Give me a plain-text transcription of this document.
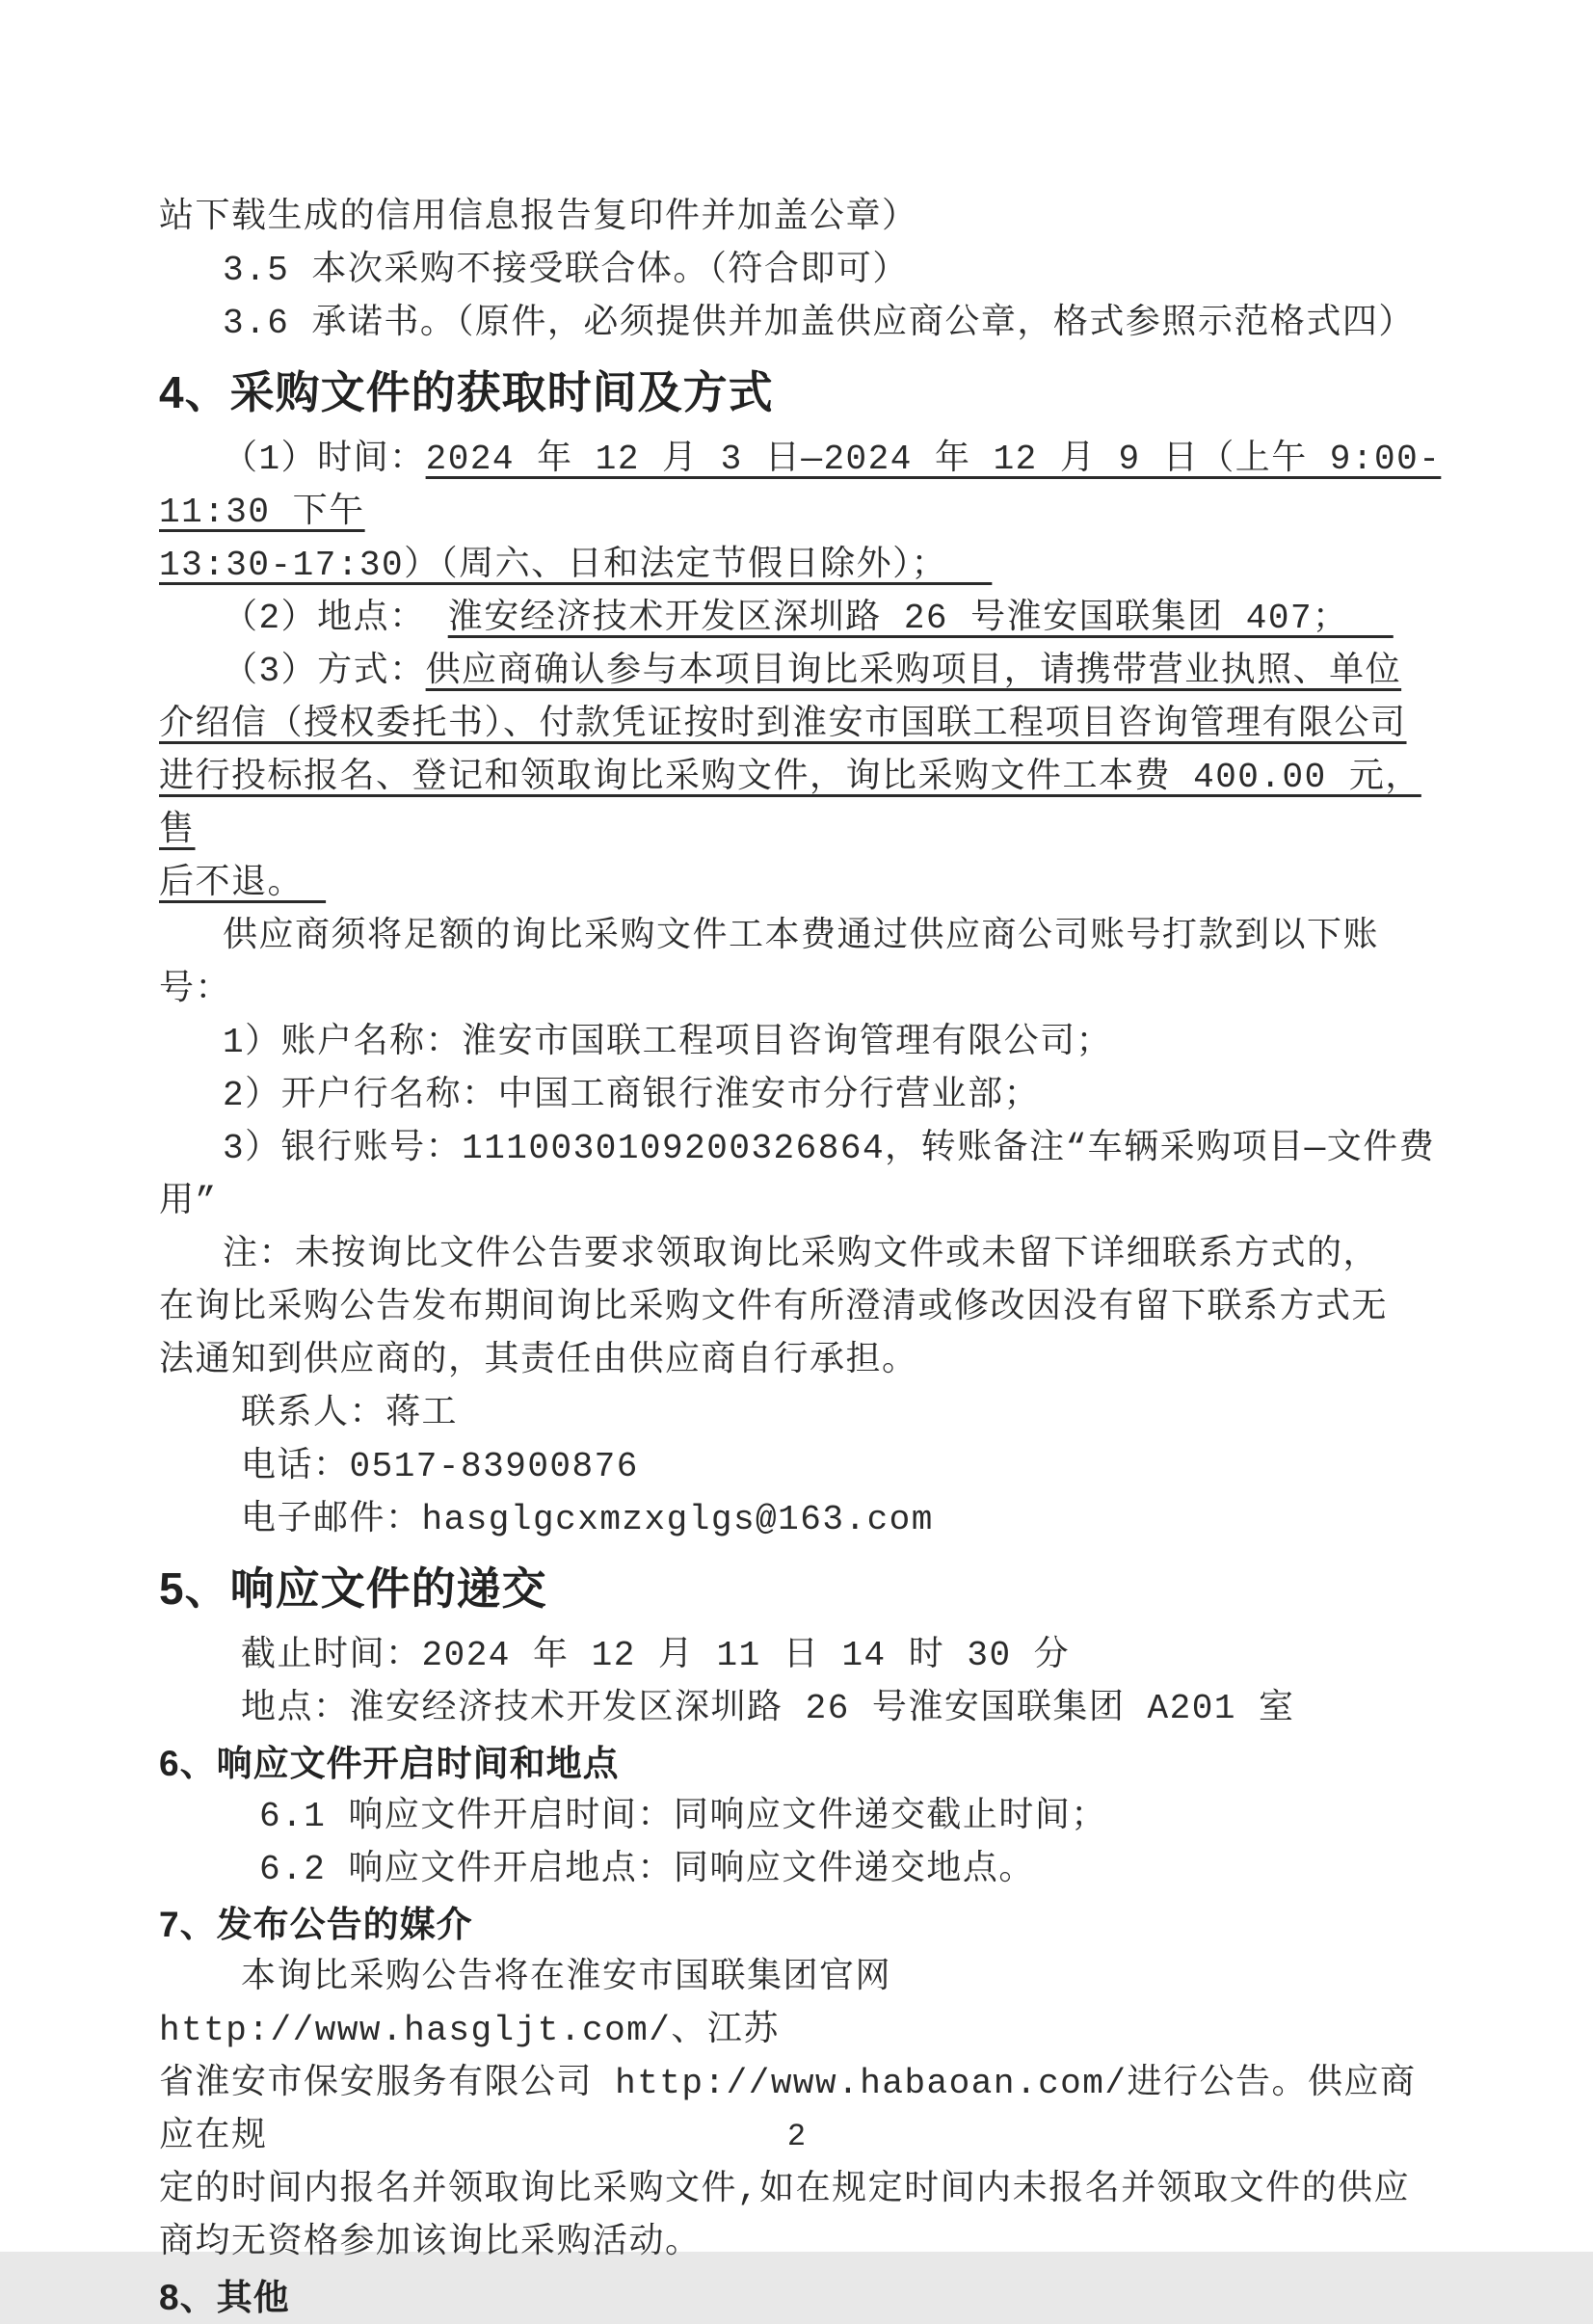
站下载生成的信用信息报告复印件并加盖公章）
3.5 本次采购不接受联合体。（符合即可）
3.6 承诺书。（原件，必须提供并加盖供应商公章，格式参照示范格式四）
4、采购文件的获取时间及方式
（1）时间：2024 年 12 月 3 日—2024 年 12 月 9 日（上午 9:00-11:30 下午
13:30-17:30）（周六、日和法定节假日除外）；
（2）地点： 淮安经济技术开发区深圳路 26 号淮安国联集团 407；
（3）方式：供应商确认参与本项目询比采购项目，请携带营业执照、单位
介绍信（授权委托书）、付款凭证按时到淮安市国联工程项目咨询管理有限公司
进行投标报名、登记和领取询比采购文件，询比采购文件工本费 400.00 元，售
后不退。
供应商须将足额的询比采购文件工本费通过供应商公司账号打款到以下账
号：
1）账户名称：淮安市国联工程项目咨询管理有限公司；
2）开户行名称：中国工商银行淮安市分行营业部；
3）银行账号：1110030109200326864，转账备注“车辆采购项目—文件费用”
注：未按询比文件公告要求领取询比采购文件或未留下详细联系方式的，
在询比采购公告发布期间询比采购文件有所澄清或修改因没有留下联系方式无
法通知到供应商的，其责任由供应商自行承担。
联系人：蒋工
电话：0517-83900876
电子邮件：hasglgcxmzxglgs@163.com
5、响应文件的递交
截止时间：2024 年 12 月 11 日 14 时 30 分
地点：淮安经济技术开发区深圳路 26 号淮安国联集团 A201 室
6、响应文件开启时间和地点
6.1 响应文件开启时间：同响应文件递交截止时间；
6.2 响应文件开启地点：同响应文件递交地点。
7、发布公告的媒介
本询比采购公告将在淮安市国联集团官网 http://www.hasgljt.com/、江苏
省淮安市保安服务有限公司 http://www.habaoan.com/进行公告。供应商应在规
定的时间内报名并领取询比采购文件,如在规定时间内未报名并领取文件的供应
商均无资格参加该询比采购活动。
8、其他
2
